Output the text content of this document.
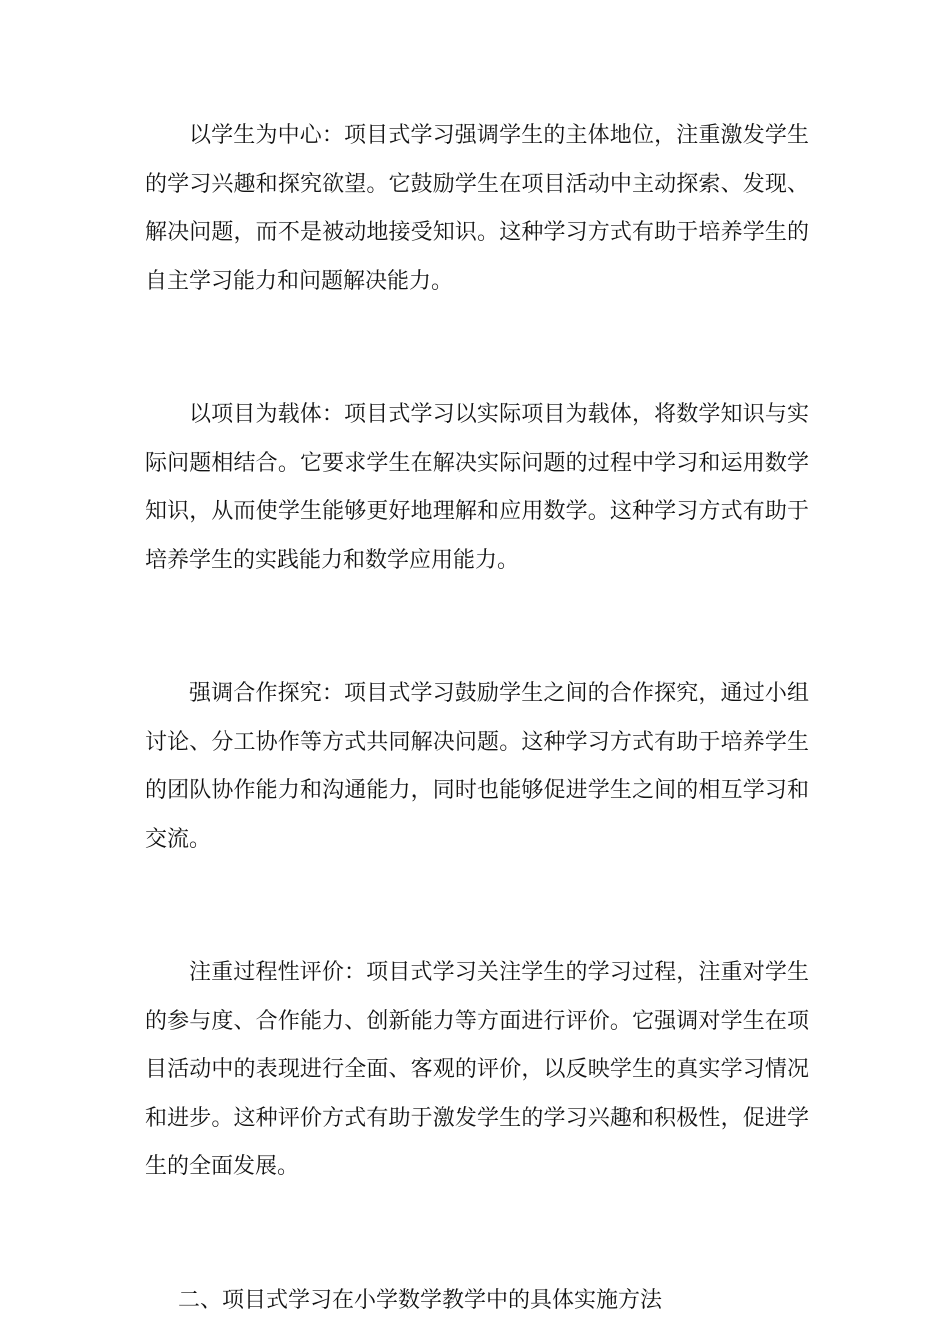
以学生为中心：项目式学习强调学生的主体地位，注重激发学生的学习兴趣和探究欲望。它鼓励学生在项目活动中主动探索、发现、解决问题，而不是被动地接受知识。这种学习方式有助于培养学生的自主学习能力和问题解决能力。

以项目为载体：项目式学习以实际项目为载体，将数学知识与实际问题相结合。它要求学生在解决实际问题的过程中学习和运用数学知识，从而使学生能够更好地理解和应用数学。这种学习方式有助于培养学生的实践能力和数学应用能力。

强调合作探究：项目式学习鼓励学生之间的合作探究，通过小组讨论、分工协作等方式共同解决问题。这种学习方式有助于培养学生的团队协作能力和沟通能力，同时也能够促进学生之间的相互学习和交流。

注重过程性评价：项目式学习关注学生的学习过程，注重对学生的参与度、合作能力、创新能力等方面进行评价。它强调对学生在项目活动中的表现进行全面、客观的评价，以反映学生的真实学习情况和进步。这种评价方式有助于激发学生的学习兴趣和积极性，促进学生的全面发展。

二、项目式学习在小学数学教学中的具体实施方法
